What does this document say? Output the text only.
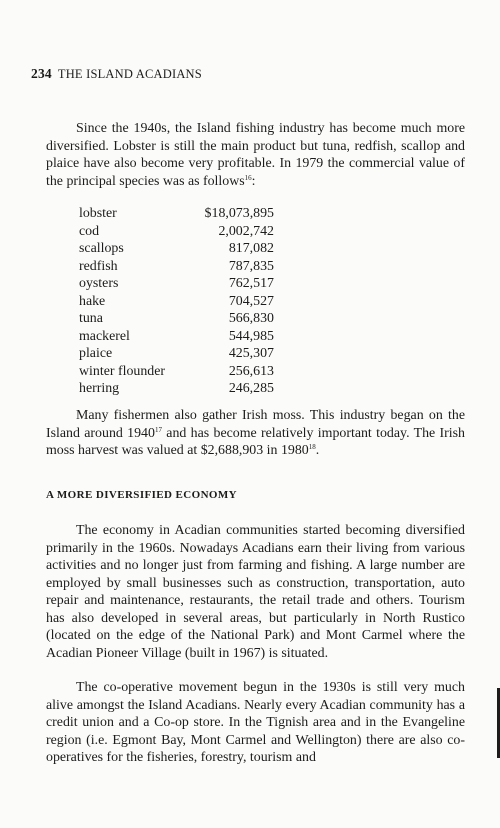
234 THE ISLAND ACADIANS

Since the 1940s, the Island fishing industry has become much more diversified. Lobster is still the main product but tuna, redfish, scallop and plaice have also become very profitable. In 1979 the commercial value of the principal species was as follows$^{16}$:

lobster	$18,073,895
cod	2,002,742
scallops	817,082
redfish	787,835
oysters	762,517
hake	704,527
tuna	566,830
mackerel	544,985
plaice	425,307
winter flounder	256,613
herring	246,285

Many fishermen also gather Irish moss. This industry began on the Island around 1940$^{17}$ and has become relatively important today. The Irish moss harvest was valued at $2,688,903 in 1980$^{18}$.

A MORE DIVERSIFIED ECONOMY

The economy in Acadian communities started becoming diversified primarily in the 1960s. Nowadays Acadians earn their living from various activities and no longer just from farming and fishing. A large number are employed by small businesses such as construction, transportation, auto repair and maintenance, restaurants, the retail trade and others. Tourism has also developed in several areas, but particularly in North Rustico (located on the edge of the National Park) and Mont Carmel where the Acadian Pioneer Village (built in 1967) is situated.

The co-operative movement begun in the 1930s is still very much alive amongst the Island Acadians. Nearly every Acadian community has a credit union and a Co-op store. In the Tignish area and in the Evangeline region (i.e. Egmont Bay, Mont Carmel and Wellington) there are also co-operatives for the fisheries, forestry, tourism and
